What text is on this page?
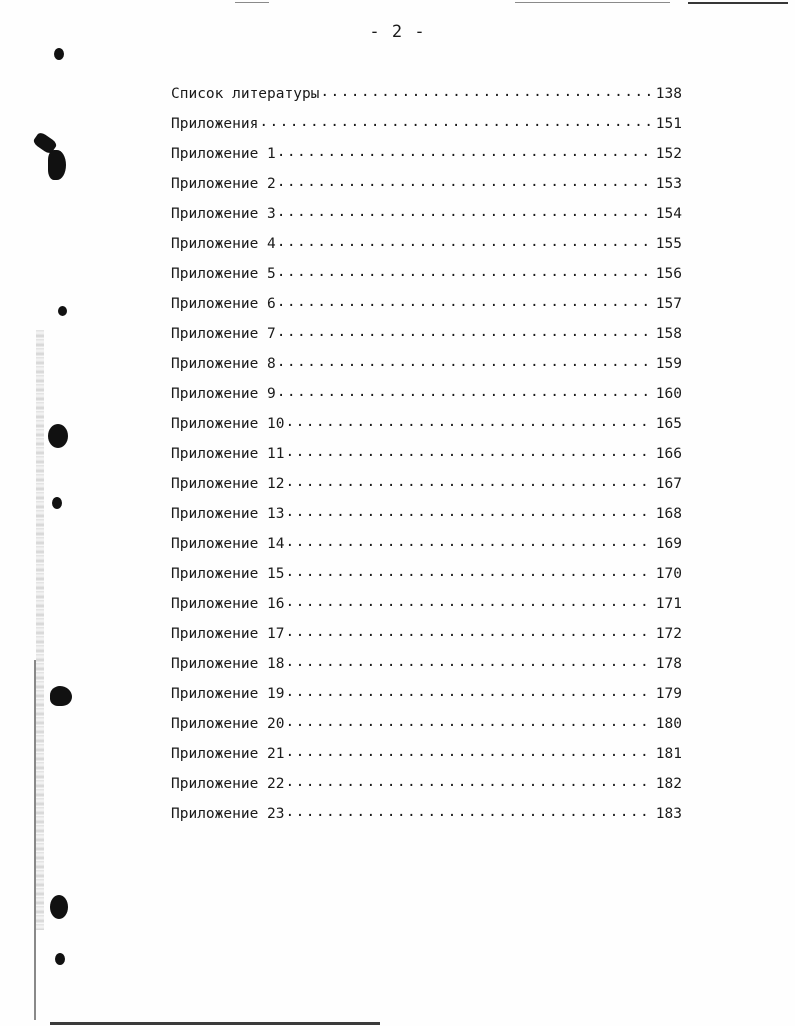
- 2 -
Список литературы .....	138
Приложения .....	151
Приложение 1 .....	152
Приложение 2 .....	153
Приложение 3 .....	154
Приложение 4 .....	155
Приложение 5 .....	156
Приложение 6 .....	157
Приложение 7 .....	158
Приложение 8 .....	159
Приложение 9 .....	160
Приложение 10 .....	165
Приложение 11 .....	166
Приложение 12 .....	167
Приложение 13 .....	168
Приложение 14 .....	169
Приложение 15 .....	170
Приложение 16 .....	171
Приложение 17 .....	172
Приложение 18 .....	178
Приложение 19 .....	179
Приложение 20 .....	180
Приложение 21 .....	181
Приложение 22 .....	182
Приложение 23 .....	183
